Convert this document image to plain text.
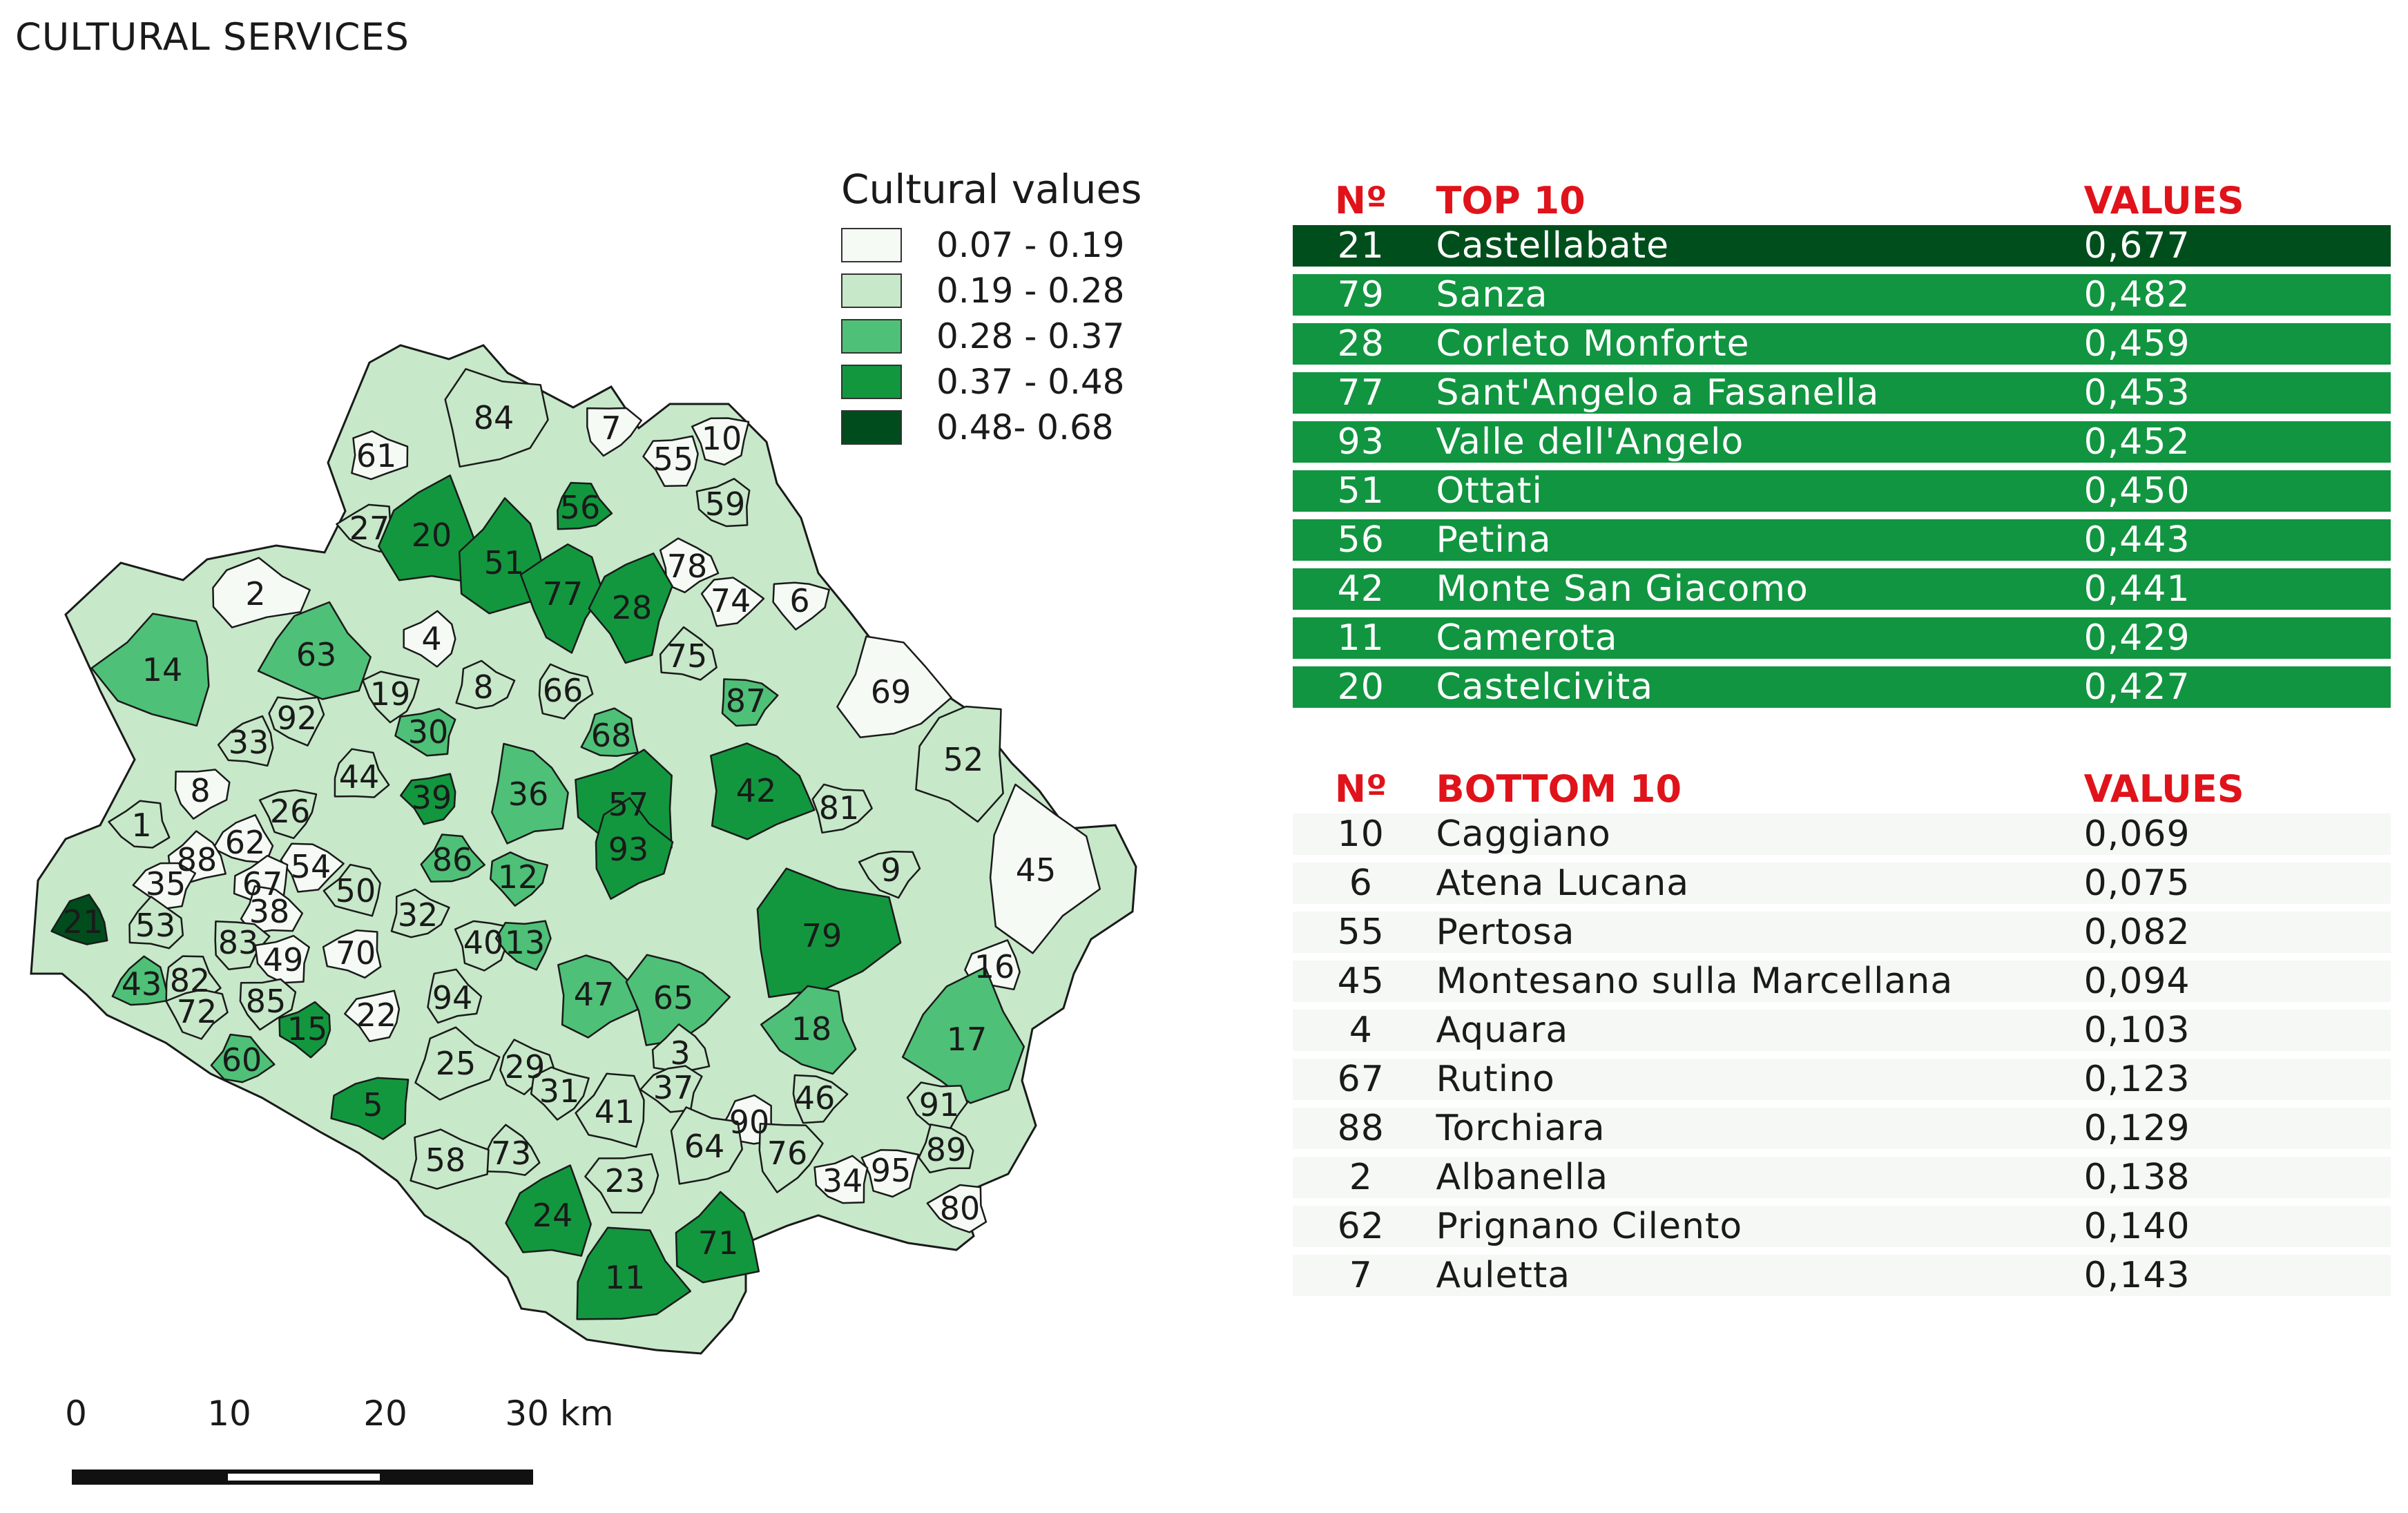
CULTURAL SERVICES
61
84	7	10
55
59
27 20
51
56
2
78
74 6
77 28
4
14	63	75
69
8 66	87
19
92	30
52
33	68
44	36	42 81
8
26	39	57
1 62
88	86	93
45
54	12	9
35 67 50
21 53 38	32
79
83	40 13
49 70	16
43 82	94	47 65
85
72	22
15	18	17
3
60	25 29
46
31	91
37
5	41	90
73	89
58	64 76 95
23	34
80
24
71
11
Cultural values
0.07 - 0.19
0.19 - 0.28
0.28 - 0.37
0.37 - 0.48
0.48- 0.68
0	10	20	30 km
Nº	TOP 10	VALUES
21	Castellabate	0,677
79	Sanza	0,482
28	Corleto Monforte	0,459
77	Sant'Angelo a Fasanella	0,453
93	Valle dell'Angelo	0,452
51	Ottati	0,450
56	Petina	0,443
42	Monte San Giacomo	0,441
11	Camerota	0,429
20	Castelcivita	0,427
Nº	BOTTOM 10	VALUES
10	Caggiano	0,069
6	Atena Lucana	0,075
55	Pertosa	0,082
45	Montesano sulla Marcellana	0,094
4	Aquara	0,103
67	Rutino	0,123
88	Torchiara	0,129
2	Albanella	0,138
62	Prignano Cilento	0,140
7	Auletta	0,143
